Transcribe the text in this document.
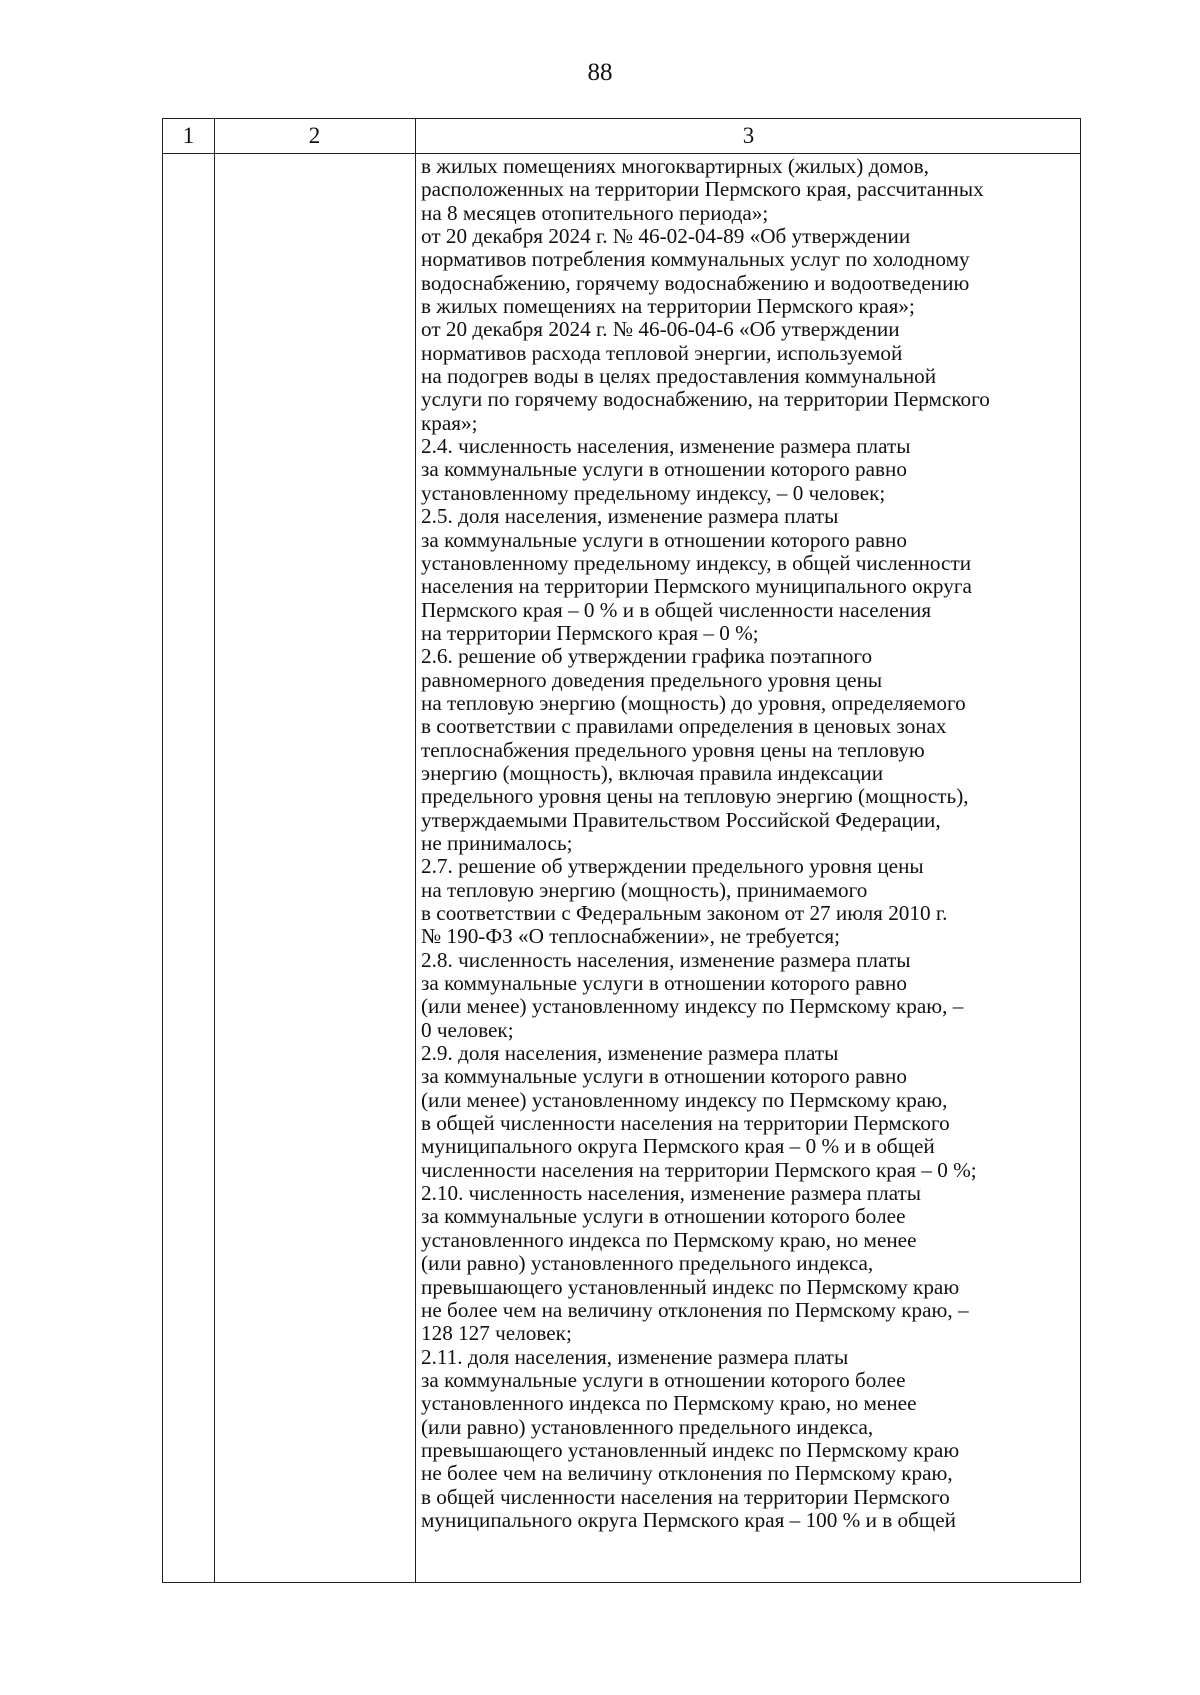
88
1	2	3
в жилых помещениях многоквартирных (жилых) домов,
расположенных на территории Пермского края, рассчитанных
на 8 месяцев отопительного периода»;
от 20 декабря 2024 г. № 46-02-04-89 «Об утверждении
нормативов потребления коммунальных услуг по холодному
водоснабжению, горячему водоснабжению и водоотведению
в жилых помещениях на территории Пермского края»;
от 20 декабря 2024 г. № 46-06-04-6 «Об утверждении
нормативов расхода тепловой энергии, используемой
на подогрев воды в целях предоставления коммунальной
услуги по горячему водоснабжению, на территории Пермского
края»;
2.4. численность населения, изменение размера платы
за коммунальные услуги в отношении которого равно
установленному предельному индексу, – 0 человек;
2.5. доля населения, изменение размера платы
за коммунальные услуги в отношении которого равно
установленному предельному индексу, в общей численности
населения на территории Пермского муниципального округа
Пермского края – 0 % и в общей численности населения
на территории Пермского края – 0 %;
2.6. решение об утверждении графика поэтапного
равномерного доведения предельного уровня цены
на тепловую энергию (мощность) до уровня, определяемого
в соответствии с правилами определения в ценовых зонах
теплоснабжения предельного уровня цены на тепловую
энергию (мощность), включая правила индексации
предельного уровня цены на тепловую энергию (мощность),
утверждаемыми Правительством Российской Федерации,
не принималось;
2.7. решение об утверждении предельного уровня цены
на тепловую энергию (мощность), принимаемого
в соответствии с Федеральным законом от 27 июля 2010 г.
№ 190-ФЗ «О теплоснабжении», не требуется;
2.8. численность населения, изменение размера платы
за коммунальные услуги в отношении которого равно
(или менее) установленному индексу по Пермскому краю, –
0 человек;
2.9. доля населения, изменение размера платы
за коммунальные услуги в отношении которого равно
(или менее) установленному индексу по Пермскому краю,
в общей численности населения на территории Пермского
муниципального округа Пермского края – 0 % и в общей
численности населения на территории Пермского края – 0 %;
2.10. численность населения, изменение размера платы
за коммунальные услуги в отношении которого более
установленного индекса по Пермскому краю, но менее
(или равно) установленного предельного индекса,
превышающего установленный индекс по Пермскому краю
не более чем на величину отклонения по Пермскому краю, –
128 127 человек;
2.11. доля населения, изменение размера платы
за коммунальные услуги в отношении которого более
установленного индекса по Пермскому краю, но менее
(или равно) установленного предельного индекса,
превышающего установленный индекс по Пермскому краю
не более чем на величину отклонения по Пермскому краю,
в общей численности населения на территории Пермского
муниципального округа Пермского края – 100 % и в общей
